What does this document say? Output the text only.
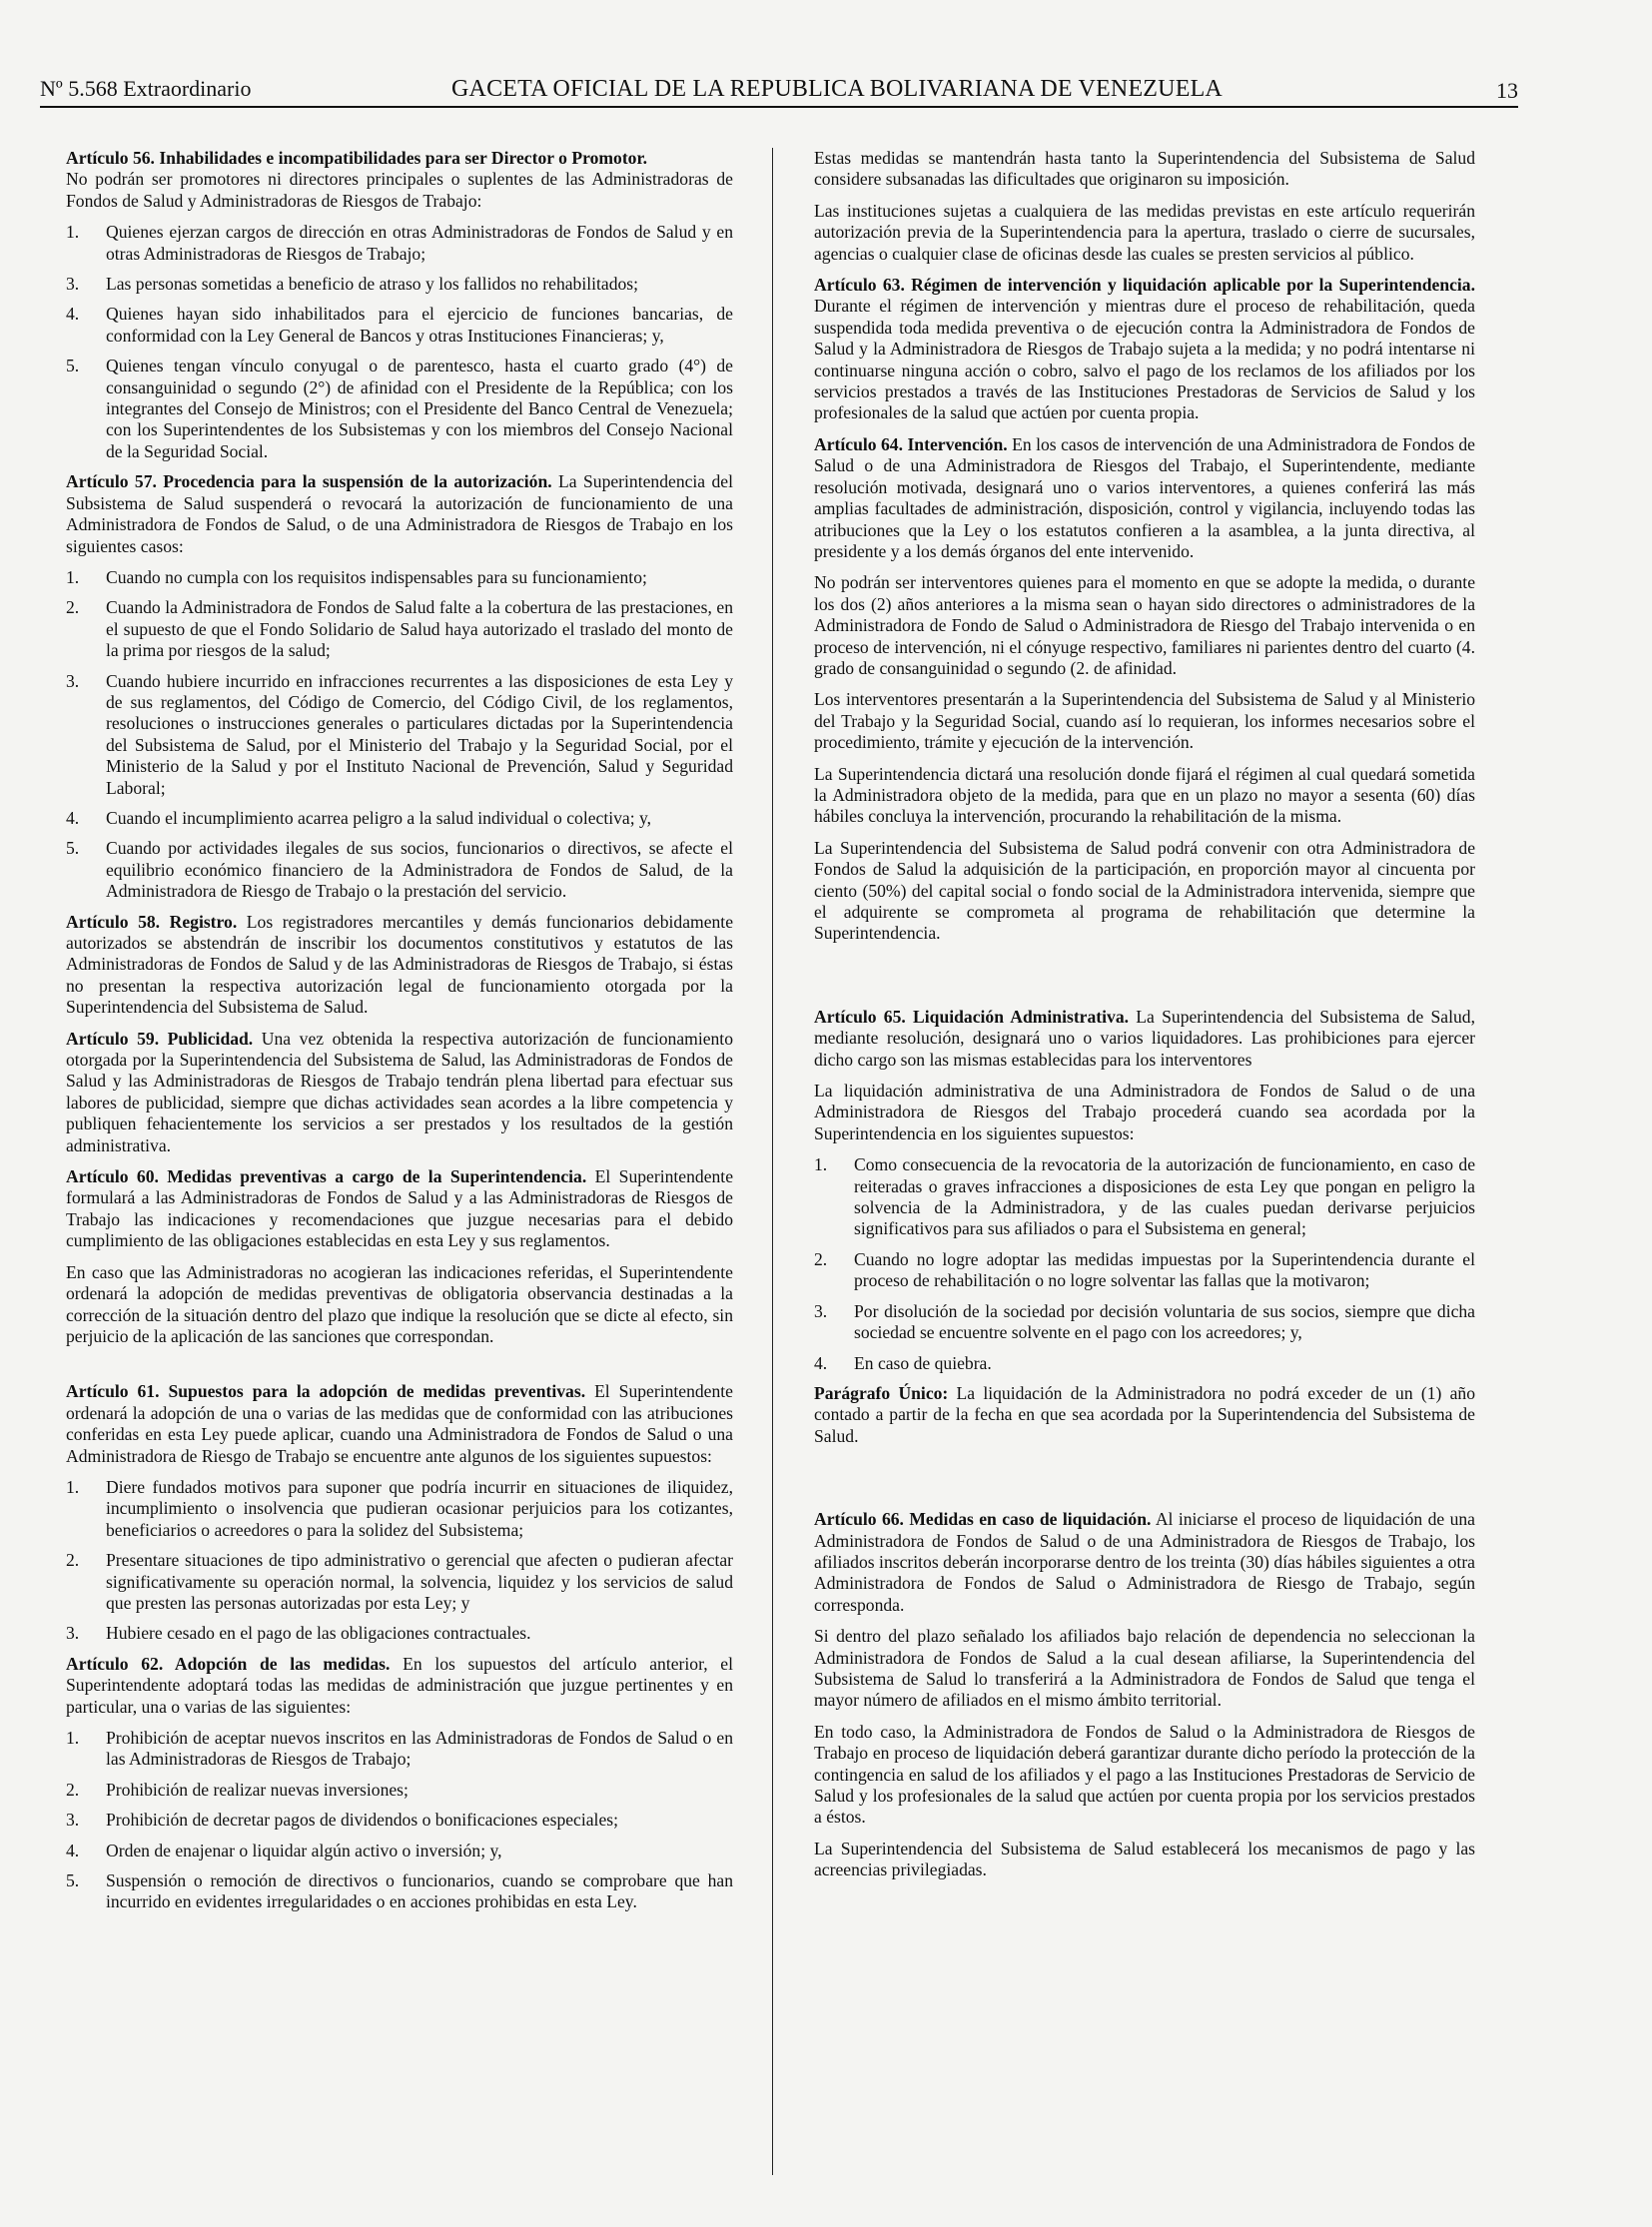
Nº 5.568 Extraordinario	GACETA OFICIAL DE LA REPUBLICA BOLIVARIANA DE VENEZUELA	13

Artículo 56. Inhabilidades e incompatibilidades para ser Director o Promotor.
No podrán ser promotores ni directores principales o suplentes de las Administradoras de Fondos de Salud y Administradoras de Riesgos de Trabajo:

1. Quienes ejerzan cargos de dirección en otras Administradoras de Fondos de Salud y en otras Administradoras de Riesgos de Trabajo;
3. Las personas sometidas a beneficio de atraso y los fallidos no rehabilitados;
4. Quienes hayan sido inhabilitados para el ejercicio de funciones bancarias, de conformidad con la Ley General de Bancos y otras Instituciones Financieras; y,
5. Quienes tengan vínculo conyugal o de parentesco, hasta el cuarto grado (4°) de consanguinidad o segundo (2°) de afinidad con el Presidente de la República; con los integrantes del Consejo de Ministros; con el Presidente del Banco Central de Venezuela; con los Superintendentes de los Subsistemas y con los miembros del Consejo Nacional de la Seguridad Social.

Artículo 57. Procedencia para la suspensión de la autorización. La Superintendencia del Subsistema de Salud suspenderá o revocará la autorización de funcionamiento de una Administradora de Fondos de Salud, o de una Administradora de Riesgos de Trabajo en los siguientes casos:

1. Cuando no cumpla con los requisitos indispensables para su funcionamiento;
2. Cuando la Administradora de Fondos de Salud falte a la cobertura de las prestaciones, en el supuesto de que el Fondo Solidario de Salud haya autorizado el traslado del monto de la prima por riesgos de la salud;
3. Cuando hubiere incurrido en infracciones recurrentes a las disposiciones de esta Ley y de sus reglamentos, del Código de Comercio, del Código Civil, de los reglamentos, resoluciones o instrucciones generales o particulares dictadas por la Superintendencia del Subsistema de Salud, por el Ministerio del Trabajo y la Seguridad Social, por el Ministerio de la Salud y por el Instituto Nacional de Prevención, Salud y Seguridad Laboral;
4. Cuando el incumplimiento acarrea peligro a la salud individual o colectiva; y,
5. Cuando por actividades ilegales de sus socios, funcionarios o directivos, se afecte el equilibrio económico financiero de la Administradora de Fondos de Salud, de la Administradora de Riesgo de Trabajo o la prestación del servicio.

Artículo 58. Registro. Los registradores mercantiles y demás funcionarios debidamente autorizados se abstendrán de inscribir los documentos constitutivos y estatutos de las Administradoras de Fondos de Salud y de las Administradoras de Riesgos de Trabajo, si éstas no presentan la respectiva autorización legal de funcionamiento otorgada por la Superintendencia del Subsistema de Salud.

Artículo 59. Publicidad. Una vez obtenida la respectiva autorización de funcionamiento otorgada por la Superintendencia del Subsistema de Salud, las Administradoras de Fondos de Salud y las Administradoras de Riesgos de Trabajo tendrán plena libertad para efectuar sus labores de publicidad, siempre que dichas actividades sean acordes a la libre competencia y publiquen fehacientemente los servicios a ser prestados y los resultados de la gestión administrativa.

Artículo 60. Medidas preventivas a cargo de la Superintendencia. El Superintendente formulará a las Administradoras de Fondos de Salud y a las Administradoras de Riesgos de Trabajo las indicaciones y recomendaciones que juzgue necesarias para el debido cumplimiento de las obligaciones establecidas en esta Ley y sus reglamentos.

En caso que las Administradoras no acogieran las indicaciones referidas, el Superintendente ordenará la adopción de medidas preventivas de obligatoria observancia destinadas a la corrección de la situación dentro del plazo que indique la resolución que se dicte al efecto, sin perjuicio de la aplicación de las sanciones que correspondan.

Artículo 61. Supuestos para la adopción de medidas preventivas. El Superintendente ordenará la adopción de una o varias de las medidas que de conformidad con las atribuciones conferidas en esta Ley puede aplicar, cuando una Administradora de Fondos de Salud o una Administradora de Riesgo de Trabajo se encuentre ante algunos de los siguientes supuestos:

1. Diere fundados motivos para suponer que podría incurrir en situaciones de iliquidez, incumplimiento o insolvencia que pudieran ocasionar perjuicios para los cotizantes, beneficiarios o acreedores o para la solidez del Subsistema;
2. Presentare situaciones de tipo administrativo o gerencial que afecten o pudieran afectar significativamente su operación normal, la solvencia, liquidez y los servicios de salud que presten las personas autorizadas por esta Ley; y
3. Hubiere cesado en el pago de las obligaciones contractuales.

Artículo 62. Adopción de las medidas. En los supuestos del artículo anterior, el Superintendente adoptará todas las medidas de administración que juzgue pertinentes y en particular, una o varias de las siguientes:

1. Prohibición de aceptar nuevos inscritos en las Administradoras de Fondos de Salud o en las Administradoras de Riesgos de Trabajo;
2. Prohibición de realizar nuevas inversiones;
3. Prohibición de decretar pagos de dividendos o bonificaciones especiales;
4. Orden de enajenar o liquidar algún activo o inversión; y,
5. Suspensión o remoción de directivos o funcionarios, cuando se comprobare que han incurrido en evidentes irregularidades o en acciones prohibidas en esta Ley.

Estas medidas se mantendrán hasta tanto la Superintendencia del Subsistema de Salud considere subsanadas las dificultades que originaron su imposición.

Las instituciones sujetas a cualquiera de las medidas previstas en este artículo requerirán autorización previa de la Superintendencia para la apertura, traslado o cierre de sucursales, agencias o cualquier clase de oficinas desde las cuales se presten servicios al público.

Artículo 63. Régimen de intervención y liquidación aplicable por la Superintendencia. Durante el régimen de intervención y mientras dure el proceso de rehabilitación, queda suspendida toda medida preventiva o de ejecución contra la Administradora de Fondos de Salud y la Administradora de Riesgos de Trabajo sujeta a la medida; y no podrá intentarse ni continuarse ninguna acción o cobro, salvo el pago de los reclamos de los afiliados por los servicios prestados a través de las Instituciones Prestadoras de Servicios de Salud y los profesionales de la salud que actúen por cuenta propia.

Artículo 64. Intervención. En los casos de intervención de una Administradora de Fondos de Salud o de una Administradora de Riesgos del Trabajo, el Superintendente, mediante resolución motivada, designará uno o varios interventores, a quienes conferirá las más amplias facultades de administración, disposición, control y vigilancia, incluyendo todas las atribuciones que la Ley o los estatutos confieren a la asamblea, a la junta directiva, al presidente y a los demás órganos del ente intervenido.

No podrán ser interventores quienes para el momento en que se adopte la medida, o durante los dos (2) años anteriores a la misma sean o hayan sido directores o administradores de la Administradora de Fondo de Salud o Administradora de Riesgo del Trabajo intervenida o en proceso de intervención, ni el cónyuge respectivo, familiares ni parientes dentro del cuarto (4. grado de consanguinidad o segundo (2. de afinidad.

Los interventores presentarán a la Superintendencia del Subsistema de Salud y al Ministerio del Trabajo y la Seguridad Social, cuando así lo requieran, los informes necesarios sobre el procedimiento, trámite y ejecución de la intervención.

La Superintendencia dictará una resolución donde fijará el régimen al cual quedará sometida la Administradora objeto de la medida, para que en un plazo no mayor a sesenta (60) días hábiles concluya la intervención, procurando la rehabilitación de la misma.

La Superintendencia del Subsistema de Salud podrá convenir con otra Administradora de Fondos de Salud la adquisición de la participación, en proporción mayor al cincuenta por ciento (50%) del capital social o fondo social de la Administradora intervenida, siempre que el adquirente se comprometa al programa de rehabilitación que determine la Superintendencia.

Artículo 65. Liquidación Administrativa. La Superintendencia del Subsistema de Salud, mediante resolución, designará uno o varios liquidadores. Las prohibiciones para ejercer dicho cargo son las mismas establecidas para los interventores

La liquidación administrativa de una Administradora de Fondos de Salud o de una Administradora de Riesgos del Trabajo procederá cuando sea acordada por la Superintendencia en los siguientes supuestos:

1. Como consecuencia de la revocatoria de la autorización de funcionamiento, en caso de reiteradas o graves infracciones a disposiciones de esta Ley que pongan en peligro la solvencia de la Administradora, y de las cuales puedan derivarse perjuicios significativos para sus afiliados o para el Subsistema en general;
2. Cuando no logre adoptar las medidas impuestas por la Superintendencia durante el proceso de rehabilitación o no logre solventar las fallas que la motivaron;
3. Por disolución de la sociedad por decisión voluntaria de sus socios, siempre que dicha sociedad se encuentre solvente en el pago con los acreedores; y,
4. En caso de quiebra.

Parágrafo Único: La liquidación de la Administradora no podrá exceder de un (1) año contado a partir de la fecha en que sea acordada por la Superintendencia del Subsistema de Salud.

Artículo 66. Medidas en caso de liquidación. Al iniciarse el proceso de liquidación de una Administradora de Fondos de Salud o de una Administradora de Riesgos de Trabajo, los afiliados inscritos deberán incorporarse dentro de los treinta (30) días hábiles siguientes a otra Administradora de Fondos de Salud o Administradora de Riesgo de Trabajo, según corresponda.

Si dentro del plazo señalado los afiliados bajo relación de dependencia no seleccionan la Administradora de Fondos de Salud a la cual desean afiliarse, la Superintendencia del Subsistema de Salud lo transferirá a la Administradora de Fondos de Salud que tenga el mayor número de afiliados en el mismo ámbito territorial.

En todo caso, la Administradora de Fondos de Salud o la Administradora de Riesgos de Trabajo en proceso de liquidación deberá garantizar durante dicho período la protección de la contingencia en salud de los afiliados y el pago a las Instituciones Prestadoras de Servicio de Salud y los profesionales de la salud que actúen por cuenta propia por los servicios prestados a éstos.

La Superintendencia del Subsistema de Salud establecerá los mecanismos de pago y las acreencias privilegiadas.
